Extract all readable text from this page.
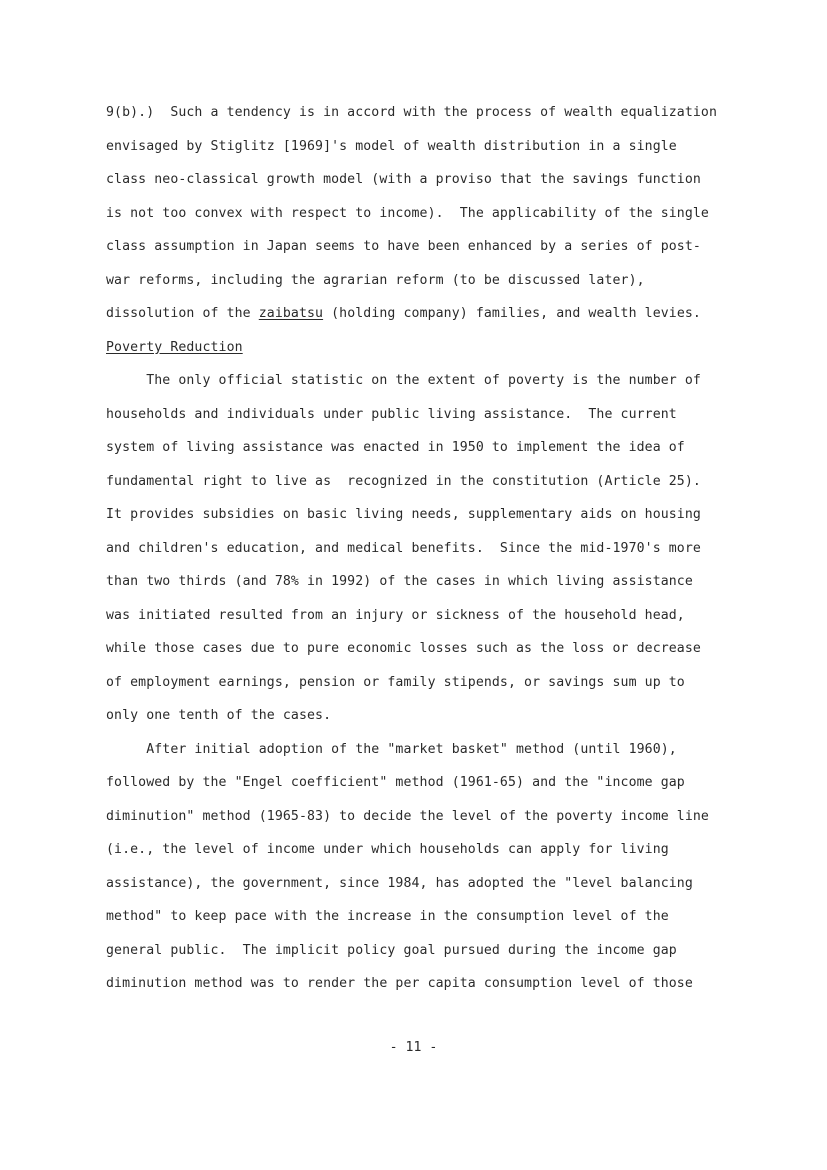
9(b).)  Such a tendency is in accord with the process of wealth equalization
envisaged by Stiglitz [1969]'s model of wealth distribution in a single
class neo-classical growth model (with a proviso that the savings function
is not too convex with respect to income).  The applicability of the single
class assumption in Japan seems to have been enhanced by a series of post-
war reforms, including the agrarian reform (to be discussed later),
dissolution of the zaibatsu (holding company) families, and wealth levies.
Poverty Reduction
The only official statistic on the extent of poverty is the number of
households and individuals under public living assistance.  The current
system of living assistance was enacted in 1950 to implement the idea of
fundamental right to live as  recognized in the constitution (Article 25).
It provides subsidies on basic living needs, supplementary aids on housing
and children's education, and medical benefits.  Since the mid-1970's more
than two thirds (and 78% in 1992) of the cases in which living assistance
was initiated resulted from an injury or sickness of the household head,
while those cases due to pure economic losses such as the loss or decrease
of employment earnings, pension or family stipends, or savings sum up to
only one tenth of the cases.
After initial adoption of the "market basket" method (until 1960),
followed by the "Engel coefficient" method (1961-65) and the "income gap
diminution" method (1965-83) to decide the level of the poverty income line
(i.e., the level of income under which households can apply for living
assistance), the government, since 1984, has adopted the "level balancing
method" to keep pace with the increase in the consumption level of the
general public.  The implicit policy goal pursued during the income gap
diminution method was to render the per capita consumption level of those
- 11 -
